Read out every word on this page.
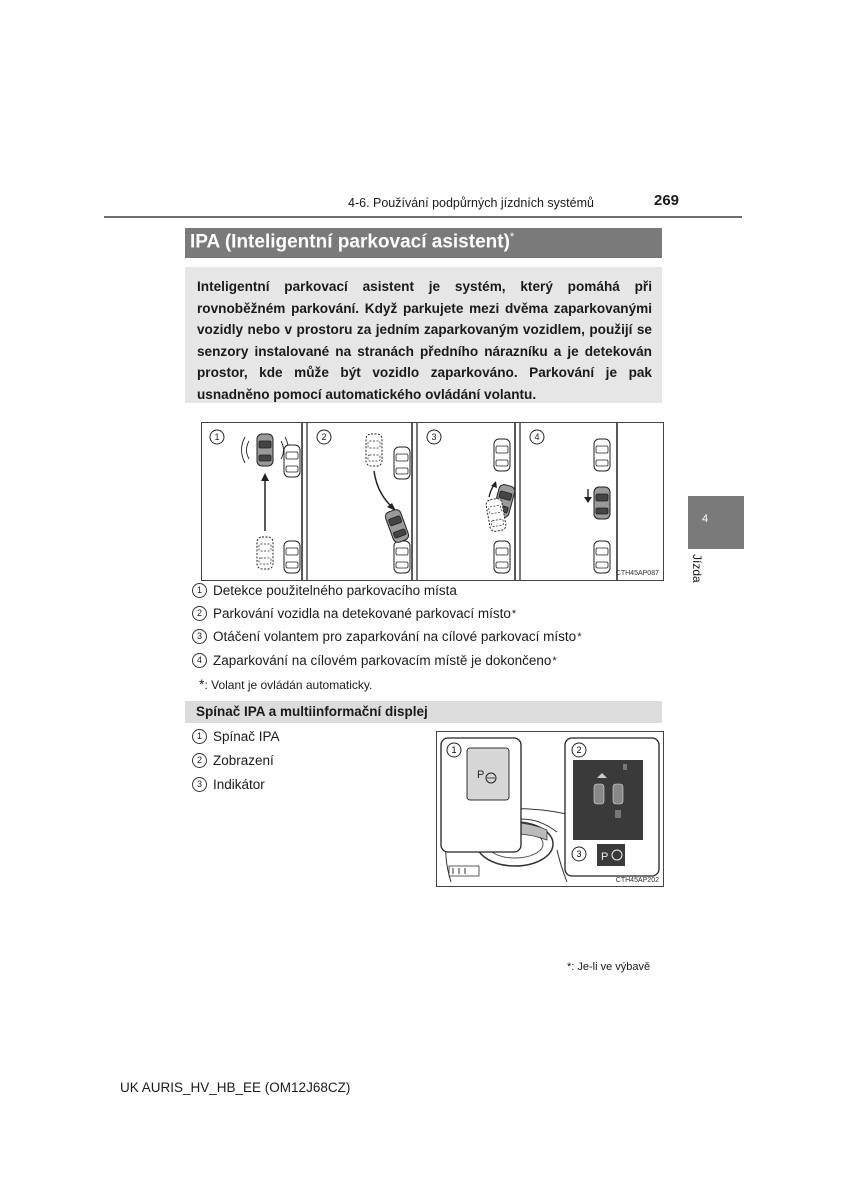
4-6. Používání podpůrných jízdních systémů	269
IPA (Inteligentní parkovací asistent)*
Inteligentní parkovací asistent je systém, který pomáhá při rovnoběžném parkování. Když parkujete mezi dvěma zaparkovanými vozidly nebo v prostoru za jedním zaparkovaným vozidlem, použijí se senzory instalované na stranách předního nárazníku a je detekován prostor, kde může být vozidlo zaparkováno. Parkování je pak usnadněno pomocí automatického ovládání volantu.
1	2	3	4
CTH45AP087
4
Jízda
1 Detekce použitelného parkovacího místa
2 Parkování vozidla na detekované parkovací místo *
3 Otáčení volantem pro zaparkování na cílové parkovací místo *
4 Zaparkování na cílovém parkovacím místě je dokončeno *
*: Volant je ovládán automaticky.
Spínač IPA a multiinformační displej
1 Spínač IPA
2 Zobrazení
3 Indikátor
1
P
2
3 P
CTH45AP202
*: Je-li ve výbavě
UK AURIS_HV_HB_EE (OM12J68CZ)
